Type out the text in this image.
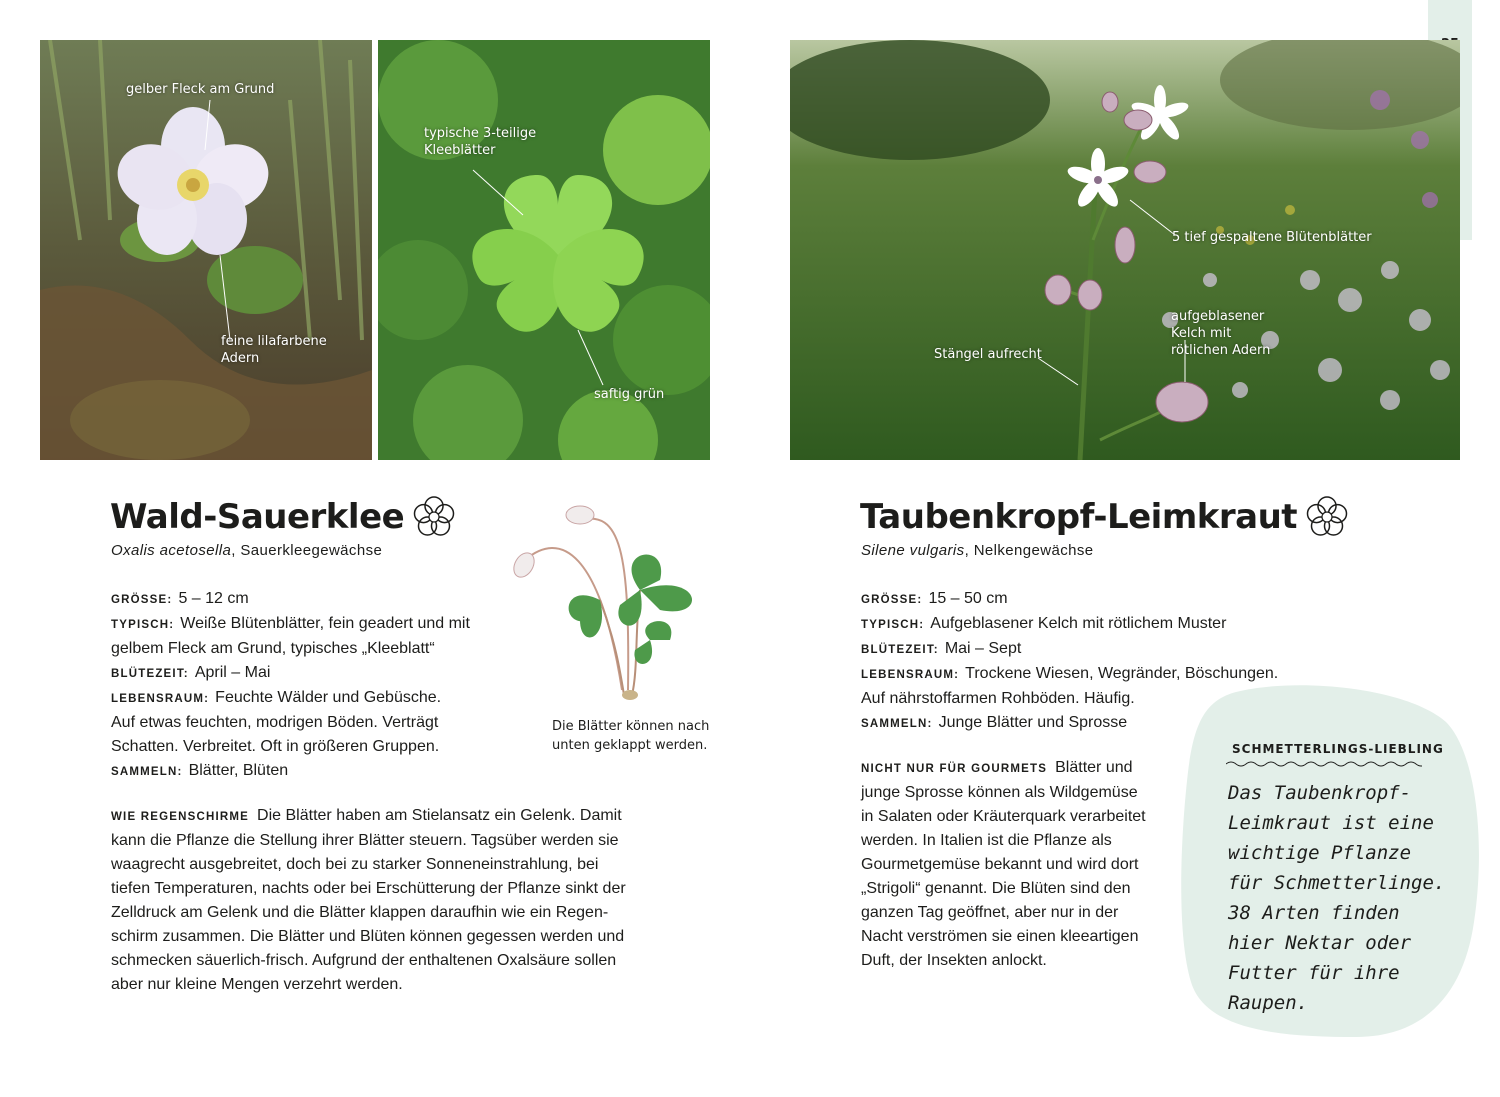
gelber Fleck am Grund
feine lilafarbene Adern
typische 3-teilige Kleeblätter
saftig grün
Wald-Sauerklee
Oxalis acetosella, Sauerkleegewächse
GRÖSSE: 5 – 12 cm
TYPISCH: Weiße Blütenblätter, fein geadert und mit
gelbem Fleck am Grund, typisches „Kleeblatt“
BLÜTEZEIT: April – Mai
LEBENSRAUM: Feuchte Wälder und Gebüsche.
Auf etwas feuchten, modrigen Böden. Verträgt
Schatten. Verbreitet. Oft in größeren Gruppen.
SAMMELN: Blätter, Blüten
Die Blätter können nach unten geklappt werden.
WIE REGENSCHIRME Die Blätter haben am Stielansatz ein Gelenk. Damit kann die Pflanze die Stellung ihrer Blätter steuern. Tagsüber werden sie waagrecht ausgebreitet, doch bei zu starker Sonneneinstrahlung, bei tiefen Temperaturen, nachts oder bei Erschütterung der Pflanze sinkt der Zelldruck am Gelenk und die Blätter klappen daraufhin wie ein Regen-schirm zusammen. Die Blätter und Blüten können gegessen werden und schmecken säuerlich-frisch. Aufgrund der enthaltenen Oxalsäure sollen aber nur kleine Mengen verzehrt werden.
5 tief gespaltene Blütenblätter
aufgeblasener Kelch mit rötlichen Adern
Stängel aufrecht
Taubenkropf-Leimkraut
Silene vulgaris, Nelkengewächse
GRÖSSE: 15 – 50 cm
TYPISCH: Aufgeblasener Kelch mit rötlichem Muster
BLÜTEZEIT: Mai – Sept
LEBENSRAUM: Trockene Wiesen, Wegränder, Böschungen.
Auf nährstoffarmen Rohböden. Häufig.
SAMMELN: Junge Blätter und Sprosse
NICHT NUR FÜR GOURMETS Blätter und junge Sprosse können als Wildgemüse in Salaten oder Kräuterquark verarbeitet werden. In Italien ist die Pflanze als Gourmetgemüse bekannt und wird dort „Strigoli“ genannt. Die Blüten sind den ganzen Tag geöffnet, aber nur in der Nacht verströmen sie einen kleeartigen Duft, der Insekten anlockt.
SCHMETTERLINGS-LIEBLING
Das Taubenkropf-Leimkraut ist eine wichtige Pflanze für Schmetterlinge. 38 Arten finden hier Nektar oder Futter für ihre Raupen.
